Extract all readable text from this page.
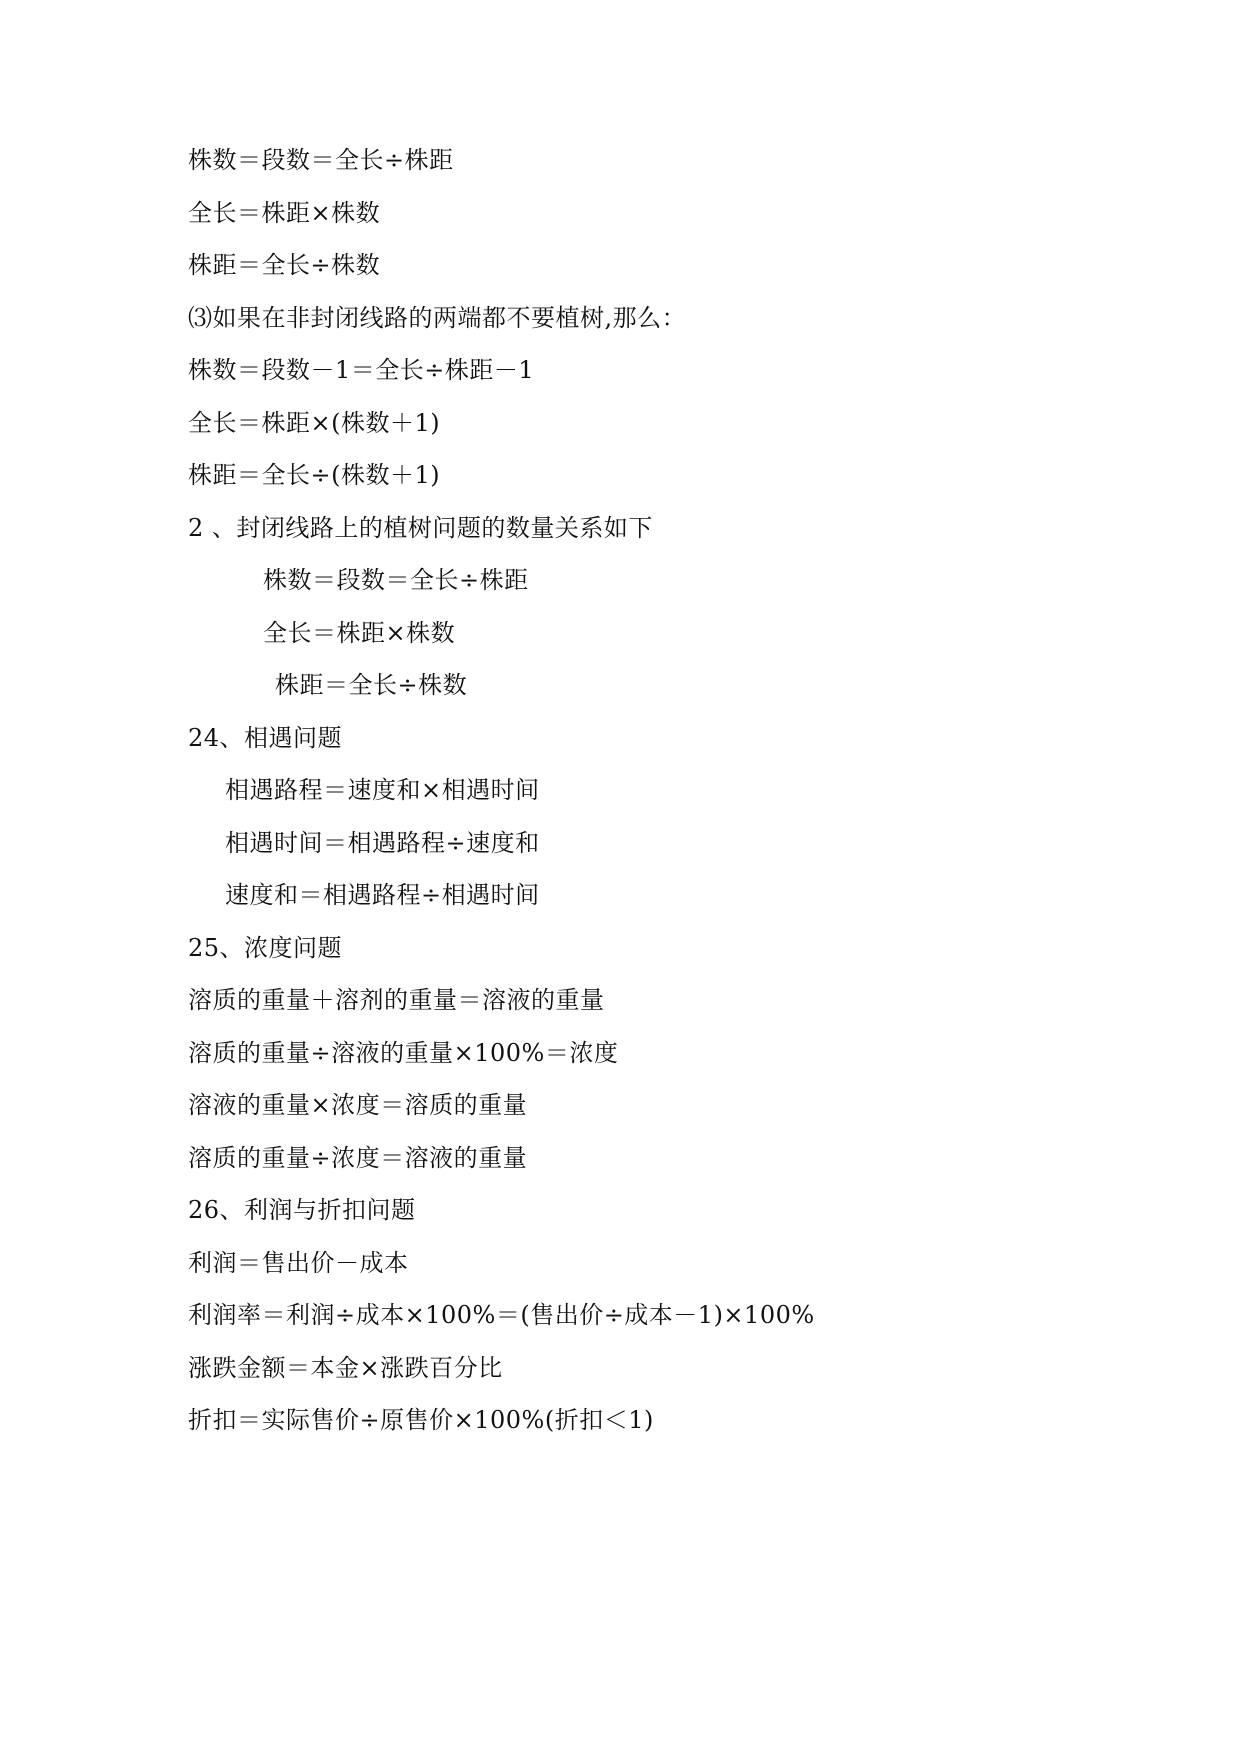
株数＝段数＝全长÷株距
全长＝株距×株数
株距＝全长÷株数
⑶如果在非封闭线路的两端都不要植树,那么：
株数＝段数－1＝全长÷株距－1
全长＝株距×(株数＋1)
株距＝全长÷(株数＋1)
2 、封闭线路上的植树问题的数量关系如下
株数＝段数＝全长÷株距
全长＝株距×株数
株距＝全长÷株数
24、相遇问题
相遇路程＝速度和×相遇时间
相遇时间＝相遇路程÷速度和
速度和＝相遇路程÷相遇时间
25、浓度问题
溶质的重量＋溶剂的重量＝溶液的重量
溶质的重量÷溶液的重量×100%＝浓度
溶液的重量×浓度＝溶质的重量
溶质的重量÷浓度＝溶液的重量
26、利润与折扣问题
利润＝售出价－成本
利润率＝利润÷成本×100%＝(售出价÷成本－1)×100%
涨跌金额＝本金×涨跌百分比
折扣＝实际售价÷原售价×100%(折扣＜1)
